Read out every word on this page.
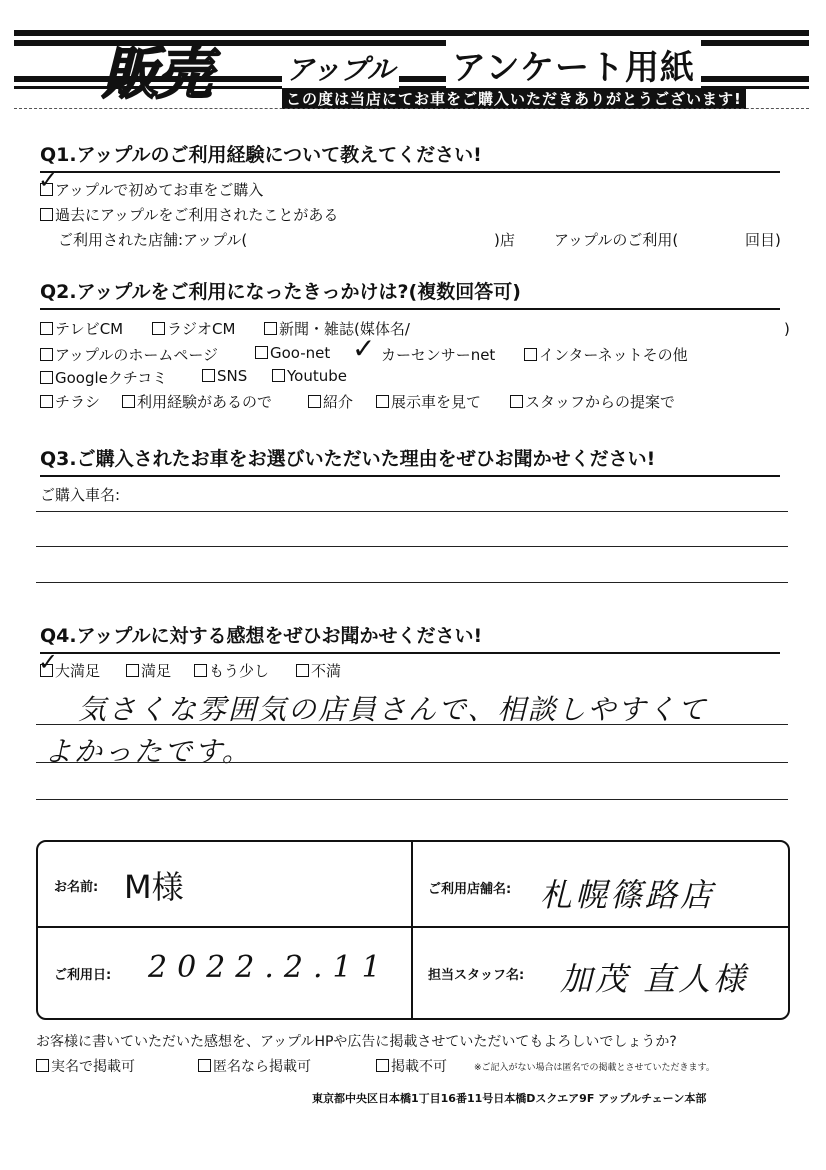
販売	アップル アンケート用紙
この度は当店にてお車をご購入いただきありがとうございます!
Q1.アップルのご利用経験について教えてください!
アップルで初めてお車をご購入
✓
過去にアップルをご利用されたことがある
ご利用された店舗:アップル(	)店	アップルのご利用(	回目)
Q2.アップルをご利用になったきっかけは?(複数回答可)
テレビCM	ラジオCM	新聞・雑誌(媒体名/	)
アップルのホームページ	Goo-net	カーセンサーnet
✓	インターネットその他
Googleクチコミ	SNS	Youtube
チラシ	利用経験があるので	紹介	展示車を見て	スタッフからの提案で
Q3.ご購入されたお車をお選びいただいた理由をぜひお聞かせください!
ご購入車名:
Q4.アップルに対する感想をぜひお聞かせください!
大満足
✓	満足	もう少し	不満
気さくな雰囲気の店員さんで、相談しやすくて
よかったです。
お名前: M様	ご利用店舗名: 札幌篠路店
ご利用日: 2022.2.11	担当スタッフ名: 加茂 直人様
お客様に書いていただいた感想を、アップルHPや広告に掲載させていただいてもよろしいでしょうか?
実名で掲載可	匿名なら掲載可	掲載不可	※ご記入がない場合は匿名での掲載とさせていただきます。
東京都中央区日本橋1丁目16番11号日本橋Dスクエア9F アップルチェーン本部
